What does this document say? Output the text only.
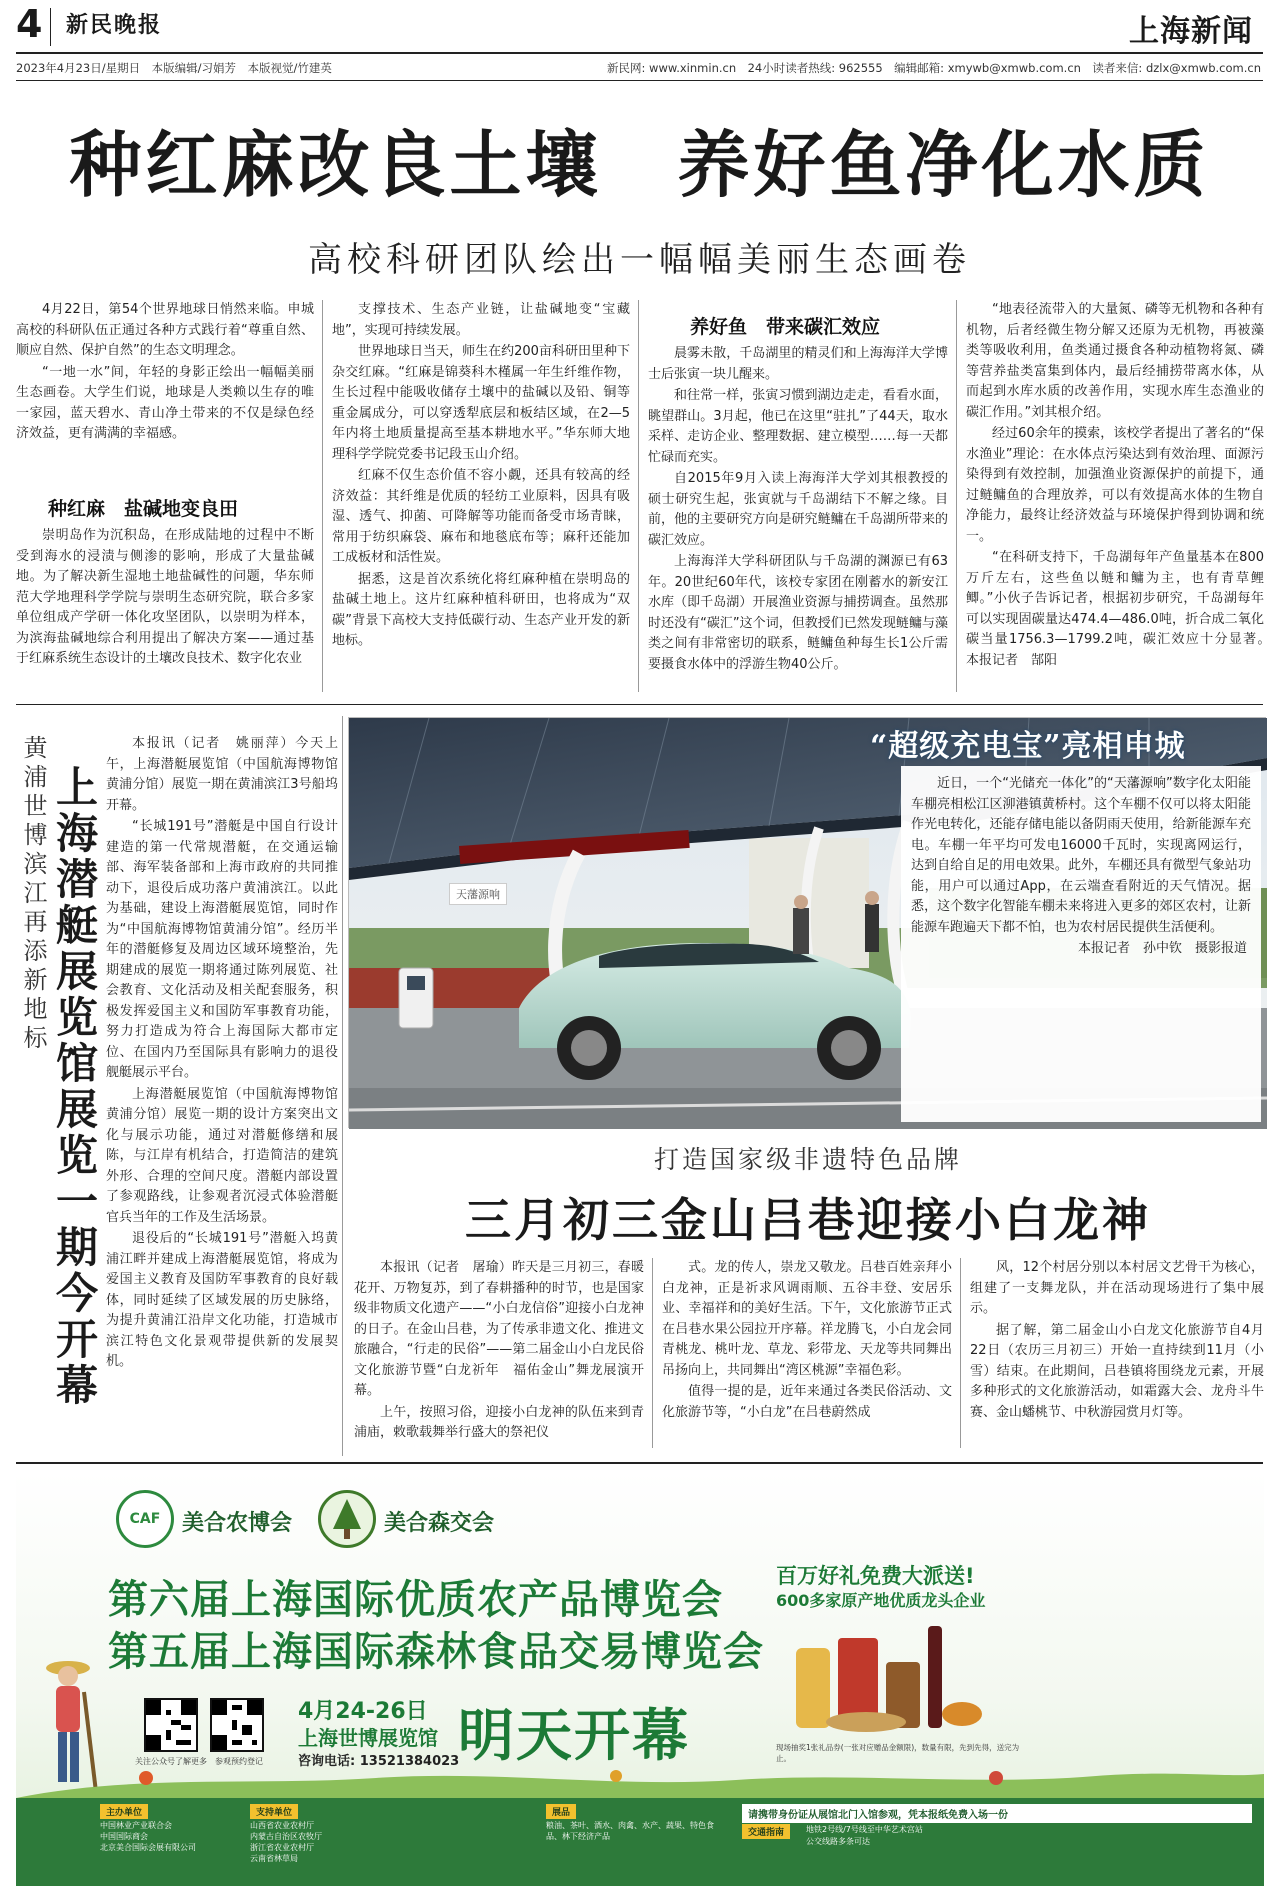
4 新民晚报	上海新闻
2023年4月23日/星期日　本版编辑/习娟芳　本版视觉/竹建英	新民网: www.xinmin.cn　24小时读者热线: 962555　编辑邮箱: xmywb@xmwb.com.cn　读者来信: dzlx@xmwb.com.cn
种红麻改良土壤　养好鱼净化水质
高校科研团队绘出一幅幅美丽生态画卷

4月22日，第54个世界地球日悄然来临。申城高校的科研队伍正通过各种方式践行着“尊重自然、顺应自然、保护自然”的生态文明理念。

“一地一水”间，年轻的身影正绘出一幅幅美丽生态画卷。大学生们说，地球是人类赖以生存的唯一家园，蓝天碧水、青山净土带来的不仅是绿色经济效益，更有满满的幸福感。

种红麻　盐碱地变良田

崇明岛作为沉积岛，在形成陆地的过程中不断受到海水的浸渍与侧渗的影响，形成了大量盐碱地。为了解决新生湿地土地盐碱性的问题，华东师范大学地理科学学院与崇明生态研究院，联合多家单位组成产学研一体化攻坚团队，以崇明为样本，为滨海盐碱地综合利用提出了解决方案——通过基于红麻系统生态设计的土壤改良技术、数字化农业

支撑技术、生态产业链，让盐碱地变“宝藏地”，实现可持续发展。

世界地球日当天，师生在约200亩科研田里种下杂交红麻。“红麻是锦葵科木槿属一年生纤维作物，生长过程中能吸收储存土壤中的盐碱以及铅、铜等重金属成分，可以穿透犁底层和板结区域，在2—5年内将土地质量提高至基本耕地水平。”华东师大地理科学学院党委书记段玉山介绍。

红麻不仅生态价值不容小觑，还具有较高的经济效益：其纤维是优质的轻纺工业原料，因具有吸湿、透气、抑菌、可降解等功能而备受市场青睐，常用于纺织麻袋、麻布和地毯底布等；麻秆还能加工成板材和活性炭。

据悉，这是首次系统化将红麻种植在崇明岛的盐碱土地上。这片红麻种植科研田，也将成为“双碳”背景下高校大支持低碳行动、生态产业开发的新地标。

养好鱼　带来碳汇效应

晨雾未散，千岛湖里的精灵们和上海海洋大学博士后张寅一块儿醒来。

和往常一样，张寅习惯到湖边走走，看看水面，眺望群山。3月起，他已在这里“驻扎”了44天，取水采样、走访企业、整理数据、建立模型……每一天都忙碌而充实。

自2015年9月入读上海海洋大学刘其根教授的硕士研究生起，张寅就与千岛湖结下不解之缘。目前，他的主要研究方向是研究鲢鳙在千岛湖所带来的碳汇效应。

上海海洋大学科研团队与千岛湖的渊源已有63年。20世纪60年代，该校专家团在刚蓄水的新安江水库（即千岛湖）开展渔业资源与捕捞调查。虽然那时还没有“碳汇”这个词，但教授们已然发现鲢鳙与藻类之间有非常密切的联系，鲢鳙鱼种每生长1公斤需要摄食水体中的浮游生物40公斤。

“地表径流带入的大量氮、磷等无机物和各种有机物，后者经微生物分解又还原为无机物，再被藻类等吸收利用，鱼类通过摄食各种动植物将氮、磷等营养盐类富集到体内，最后经捕捞带离水体，从而起到水库水质的改善作用，实现水库生态渔业的碳汇作用。”刘其根介绍。

经过60余年的摸索，该校学者提出了著名的“保水渔业”理论：在水体点污染达到有效治理、面源污染得到有效控制，加强渔业资源保护的前提下，通过鲢鳙鱼的合理放养，可以有效提高水体的生物自净能力，最终让经济效益与环境保护得到协调和统一。

“在科研支持下，千岛湖每年产鱼量基本在800万斤左右，这些鱼以鲢和鳙为主，也有青草鲤鲫。”小伙子告诉记者，根据初步研究，千岛湖每年可以实现固碳量达474.4—486.0吨，折合成二氧化碳当量1756.3—1799.2吨，碳汇效应十分显著。　本报记者　郜阳

黄浦世博滨江再添新地标 上海潜艇展览馆展览一期今开幕

本报讯（记者　姚丽萍）今天上午，上海潜艇展览馆（中国航海博物馆黄浦分馆）展览一期在黄浦滨江3号船坞开幕。

“长城191号”潜艇是中国自行设计建造的第一代常规潜艇，在交通运输部、海军装备部和上海市政府的共同推动下，退役后成功落户黄浦滨江。以此为基础，建设上海潜艇展览馆，同时作为“中国航海博物馆黄浦分馆”。经历半年的潜艇修复及周边区域环境整治，先期建成的展览一期将通过陈列展览、社会教育、文化活动及相关配套服务，积极发挥爱国主义和国防军事教育功能，努力打造成为符合上海国际大都市定位、在国内乃至国际具有影响力的退役舰艇展示平台。

上海潜艇展览馆（中国航海博物馆黄浦分馆）展览一期的设计方案突出文化与展示功能，通过对潜艇修缮和展陈，与江岸有机结合，打造简洁的建筑外形、合理的空间尺度。潜艇内部设置了参观路线，让参观者沉浸式体验潜艇官兵当年的工作及生活场景。

退役后的“长城191号”潜艇入坞黄浦江畔并建成上海潜艇展览馆，将成为爱国主义教育及国防军事教育的良好载体，同时延续了区域发展的历史脉络，为提升黄浦江沿岸文化功能，打造城市滨江特色文化景观带提供新的发展契机。

天藩源响

近日，一个“光储充一体化”的“天藩源响”数字化太阳能车棚亮相松江区泖港镇黄桥村。这个车棚不仅可以将太阳能作光电转化，还能存储电能以备阴雨天使用，给新能源车充电。车棚一年平均可发电16000千瓦时，实现离网运行，达到自给自足的用电效果。此外，车棚还具有微型气象站功能，用户可以通过App，在云端查看附近的天气情况。据悉，这个数字化智能车棚未来将进入更多的郊区农村，让新能源车跑遍天下都不怕，也为农村居民提供生活便利。

本报记者　孙中钦　摄影报道
“超级充电宝”亮相申城
打造国家级非遗特色品牌
三月初三金山吕巷迎接小白龙神

本报讯（记者　屠瑜）昨天是三月初三，春暖花开、万物复苏，到了春耕播种的时节，也是国家级非物质文化遗产——“小白龙信俗”迎接小白龙神的日子。在金山吕巷，为了传承非遗文化、推进文旅融合，“行走的民俗”——第二届金山小白龙民俗文化旅游节暨“白龙祈年　福佑金山”舞龙展演开幕。

上午，按照习俗，迎接小白龙神的队伍来到青浦庙，敕歌载舞举行盛大的祭祀仪

式。龙的传人，崇龙又敬龙。吕巷百姓亲拜小白龙神，正是祈求风调雨顺、五谷丰登、安居乐业、幸福祥和的美好生活。下午，文化旅游节正式在吕巷水果公园拉开序幕。祥龙腾飞，小白龙会同青桃龙、桃叶龙、草龙、彩带龙、天龙等共同舞出吊扬向上，共同舞出“湾区桃源”幸福色彩。

值得一提的是，近年来通过各类民俗活动、文化旅游节等，“小白龙”在吕巷蔚然成

风，12个村居分别以本村居文艺骨干为核心，组建了一支舞龙队，并在活动现场进行了集中展示。

据了解，第二届金山小白龙文化旅游节自4月22日（农历三月初三）开始一直持续到11月（小雪）结束。在此期间，吕巷镇将围绕龙元素，开展多种形式的文化旅游活动，如霜露大会、龙舟斗牛赛、金山蟠桃节、中秋游园赏月灯等。

CAF 美合农博会	美合森交会
第六届上海国际优质农产品博览会
第五届上海国际森林食品交易博览会
关注公众号了解更多	参观预约登记
4月24-26日
上海世博展览馆
咨询电话: 13521384023
明天开幕
百万好礼免费大派送!
600多家原产地优质龙头企业
现场抽奖1张礼品券(一张对应赠品金额限)，数量有限，先到先得，送完为止。
主办单位
中国林业产业联合会
中国国际商会
北京美合国际会展有限公司
支持单位
山西省农业农村厅
内蒙古自治区农牧厅
浙江省农业农村厅
云南省林草局
展品
粮油、茶叶、酒水、肉禽、水产、蔬果、特色食品、林下经济产品
请携带身份证从展馆北门入馆参观，凭本报纸免费入场一份
交通指南	地铁2号线/7号线至中华艺术宫站
公交线路多条可达
